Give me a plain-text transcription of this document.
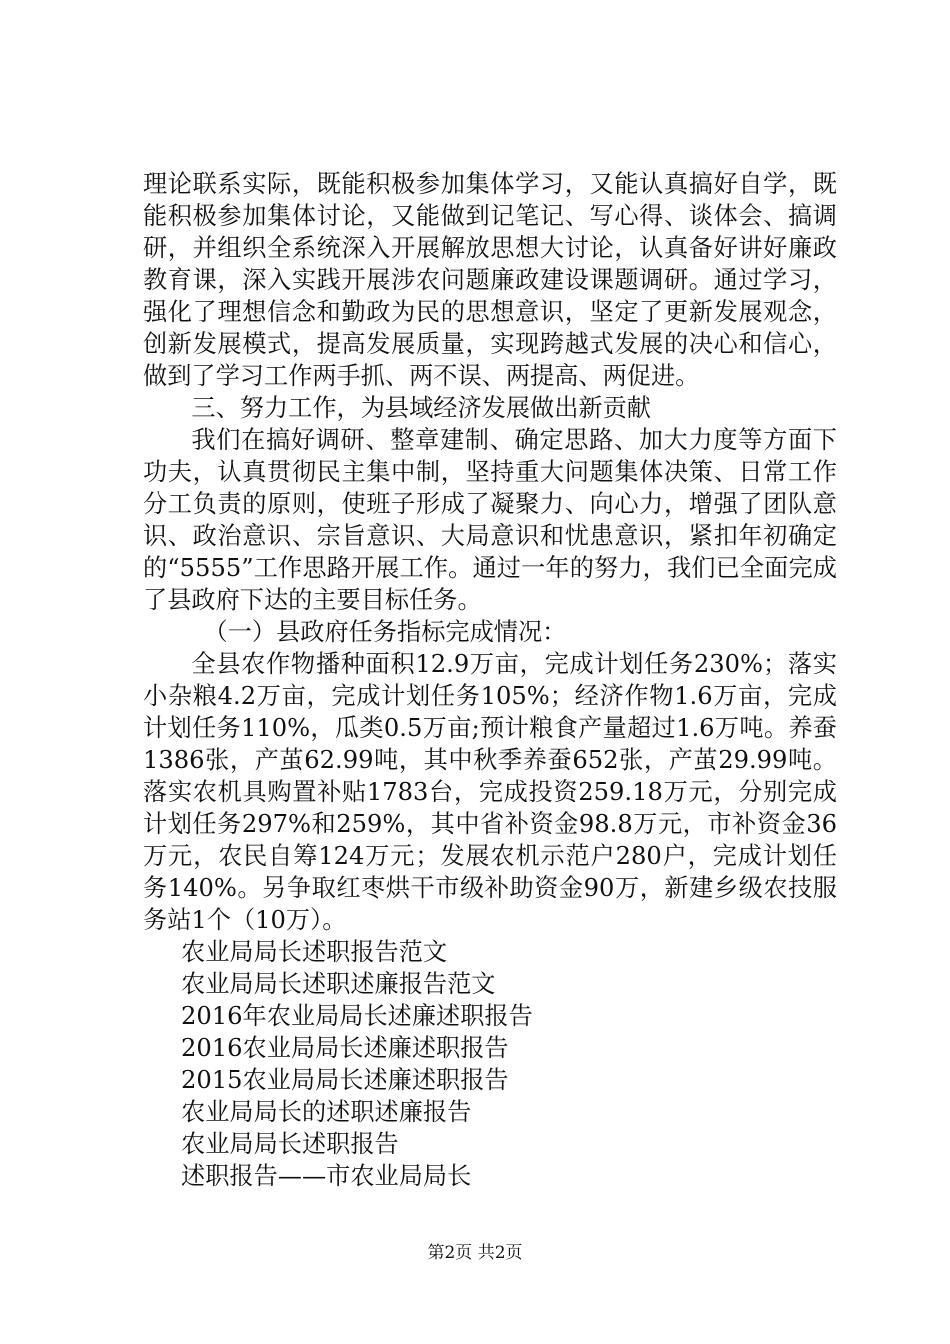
理论联系实际，既能积极参加集体学习，又能认真搞好自学，既能积极参加集体讨论，又能做到记笔记、写心得、谈体会、搞调研，并组织全系统深入开展解放思想大讨论，认真备好讲好廉政教育课，深入实践开展涉农问题廉政建设课题调研。通过学习，强化了理想信念和勤政为民的思想意识，坚定了更新发展观念，创新发展模式，提高发展质量，实现跨越式发展的决心和信心，做到了学习工作两手抓、两不误、两提高、两促进。

三、努力工作，为县域经济发展做出新贡献

我们在搞好调研、整章建制、确定思路、加大力度等方面下功夫，认真贯彻民主集中制，坚持重大问题集体决策、日常工作分工负责的原则，使班子形成了凝聚力、向心力，增强了团队意识、政治意识、宗旨意识、大局意识和忧患意识，紧扣年初确定的“5555”工作思路开展工作。通过一年的努力，我们已全面完成了县政府下达的主要目标任务。

（一）县政府任务指标完成情况：

全县农作物播种面积12.9万亩，完成计划任务230%；落实小杂粮4.2万亩，完成计划任务105%；经济作物1.6万亩，完成计划任务110%，瓜类0.5万亩;预计粮食产量超过1.6万吨。养蚕1386张，产茧62.99吨，其中秋季养蚕652张，产茧29.99吨。落实农机具购置补贴1783台，完成投资259.18万元，分别完成计划任务297%和259%，其中省补资金98.8万元，市补资金36万元，农民自筹124万元；发展农机示范户280户，完成计划任务140%。另争取红枣烘干市级补助资金90万，新建乡级农技服务站1个（10万）。

农业局局长述职报告范文

农业局局长述职述廉报告范文

2016年农业局局长述廉述职报告

2016农业局局长述廉述职报告

2015农业局局长述廉述职报告

农业局局长的述职述廉报告

农业局局长述职报告

述职报告——市农业局局长

第2页 共2页
